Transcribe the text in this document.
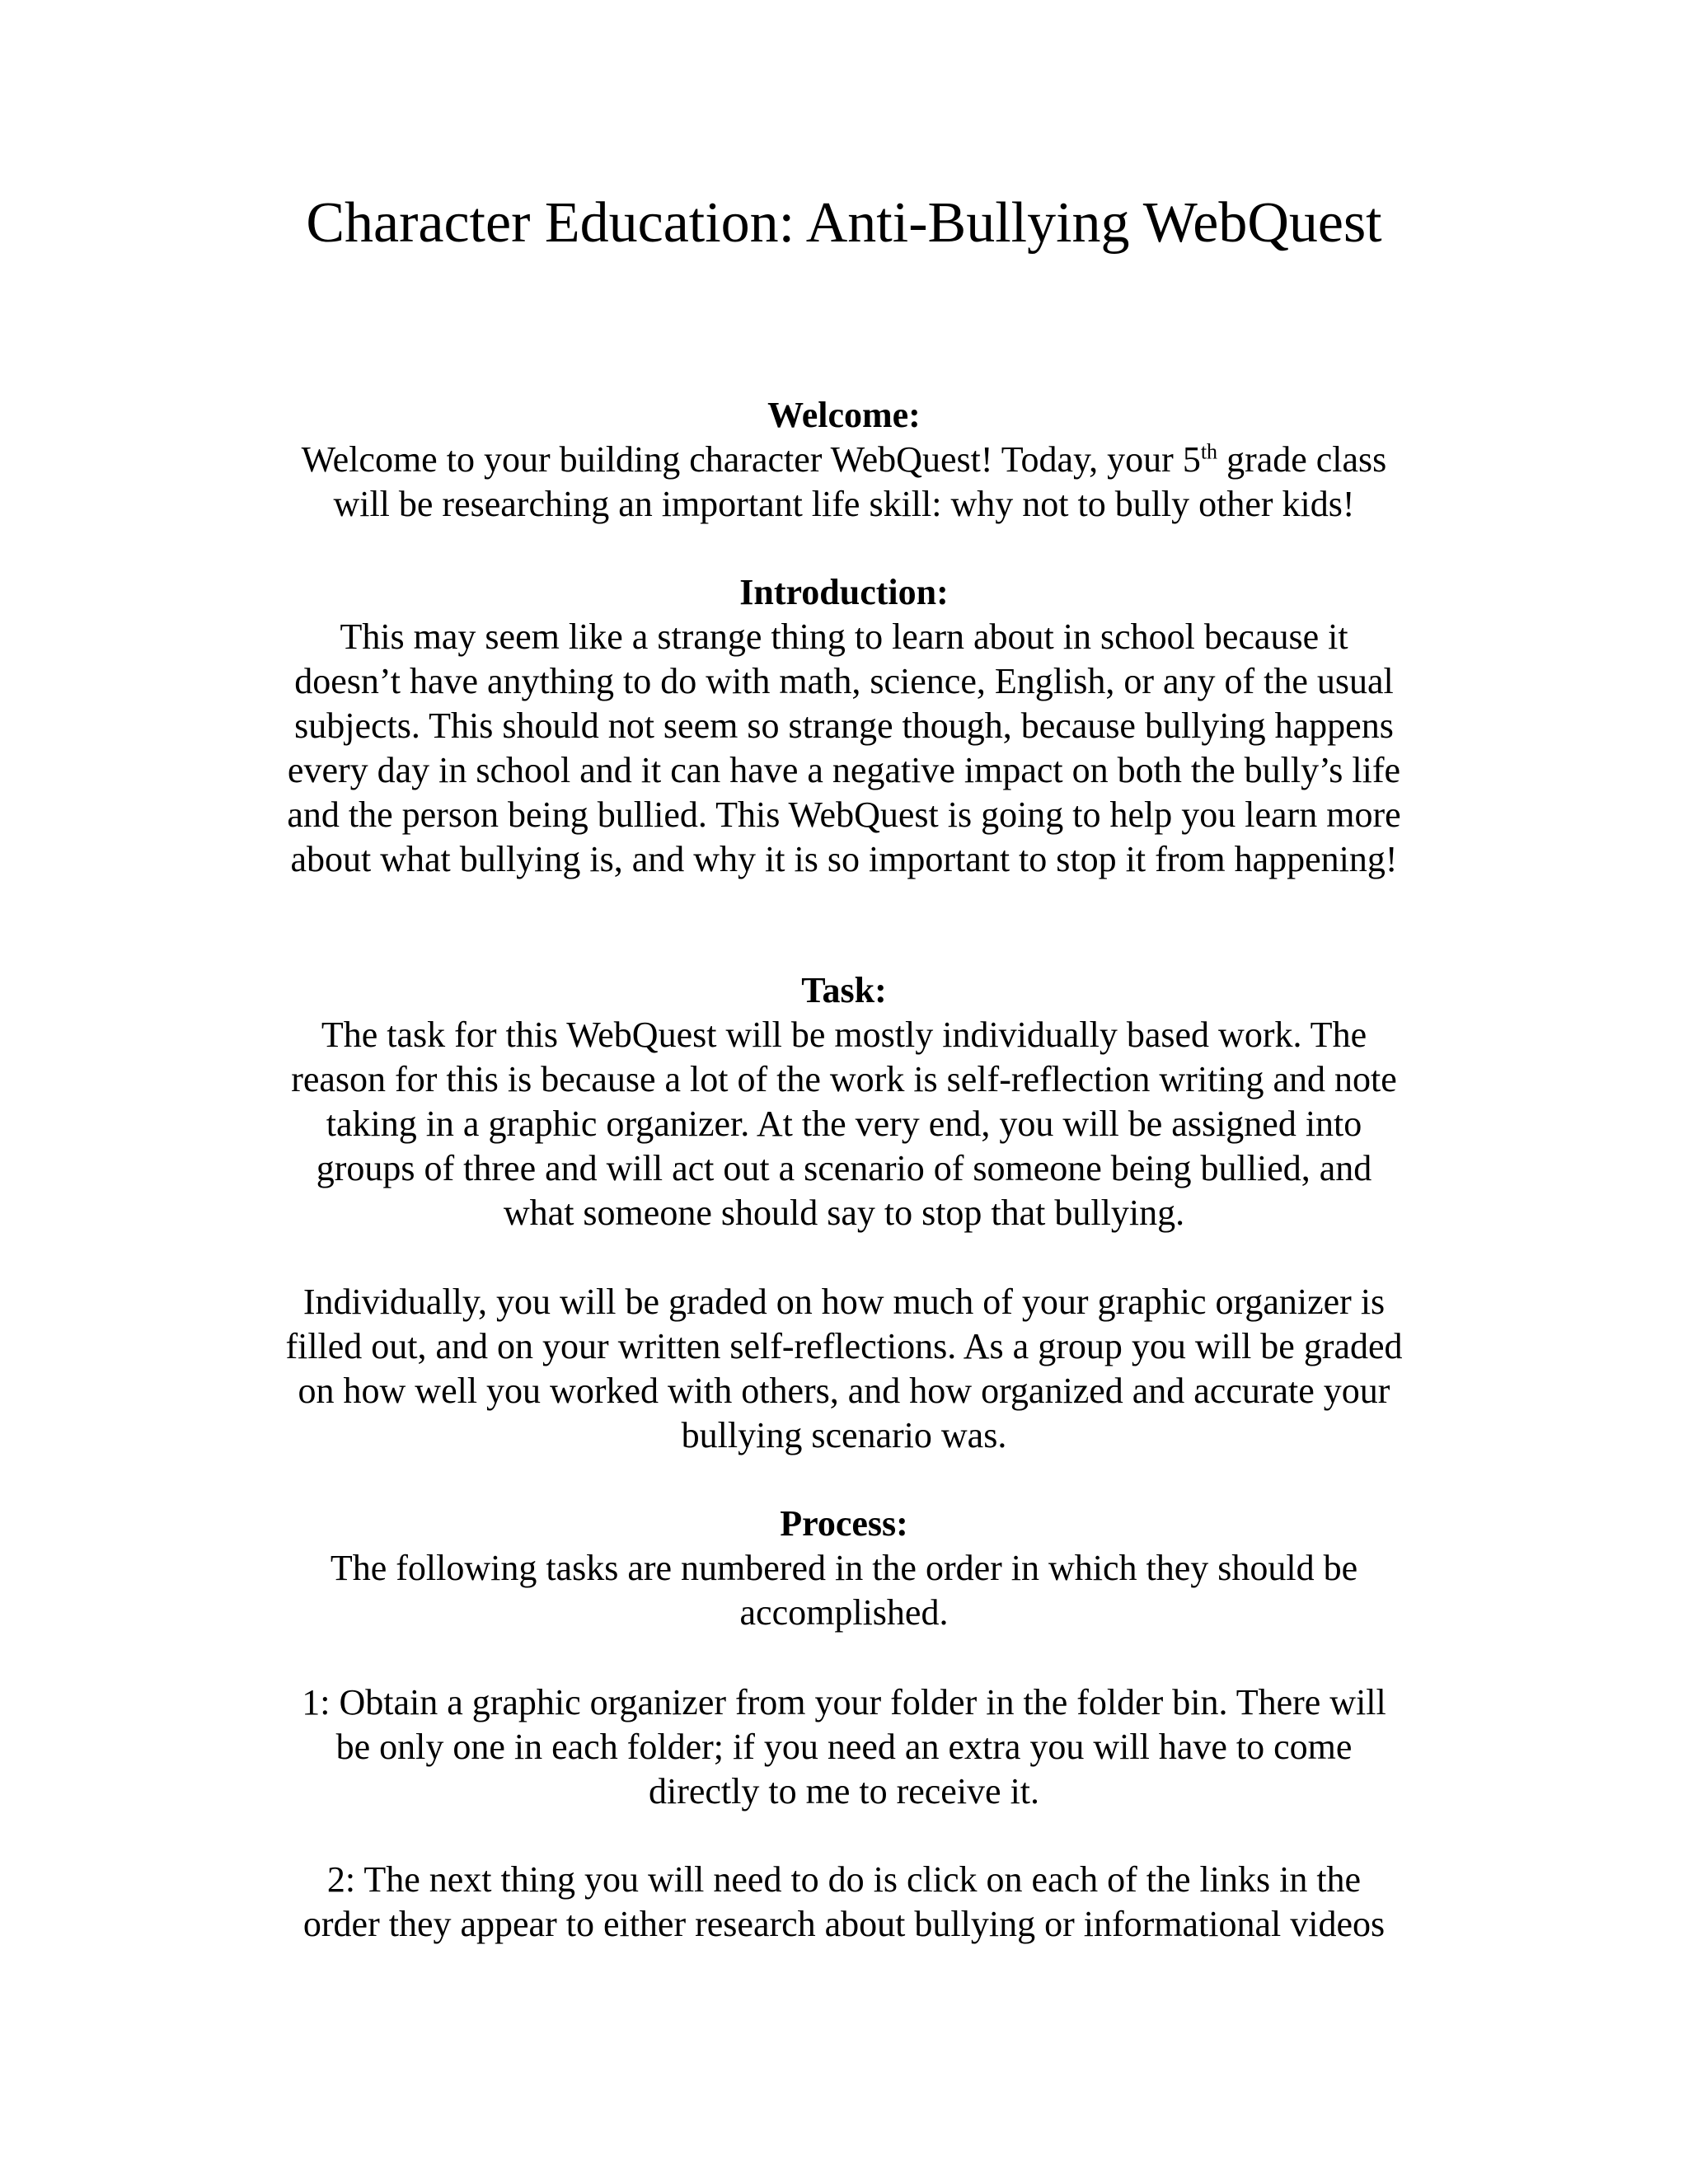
Character Education: Anti-Bullying WebQuest
Welcome:
Welcome to your building character WebQuest! Today, your 5th grade class
will be researching an important life skill: why not to bully other kids!
Introduction:
This may seem like a strange thing to learn about in school because it
doesn’t have anything to do with math, science, English, or any of the usual
subjects. This should not seem so strange though, because bullying happens
every day in school and it can have a negative impact on both the bully’s life
and the person being bullied. This WebQuest is going to help you learn more
about what bullying is, and why it is so important to stop it from happening!
Task:
The task for this WebQuest will be mostly individually based work. The
reason for this is because a lot of the work is self-reflection writing and note
taking in a graphic organizer. At the very end, you will be assigned into
groups of three and will act out a scenario of someone being bullied, and
what someone should say to stop that bullying.
Individually, you will be graded on how much of your graphic organizer is
filled out, and on your written self-reflections. As a group you will be graded
on how well you worked with others, and how organized and accurate your
bullying scenario was.
Process:
The following tasks are numbered in the order in which they should be
accomplished.
1: Obtain a graphic organizer from your folder in the folder bin. There will
be only one in each folder; if you need an extra you will have to come
directly to me to receive it.
2: The next thing you will need to do is click on each of the links in the
order they appear to either research about bullying or informational videos
